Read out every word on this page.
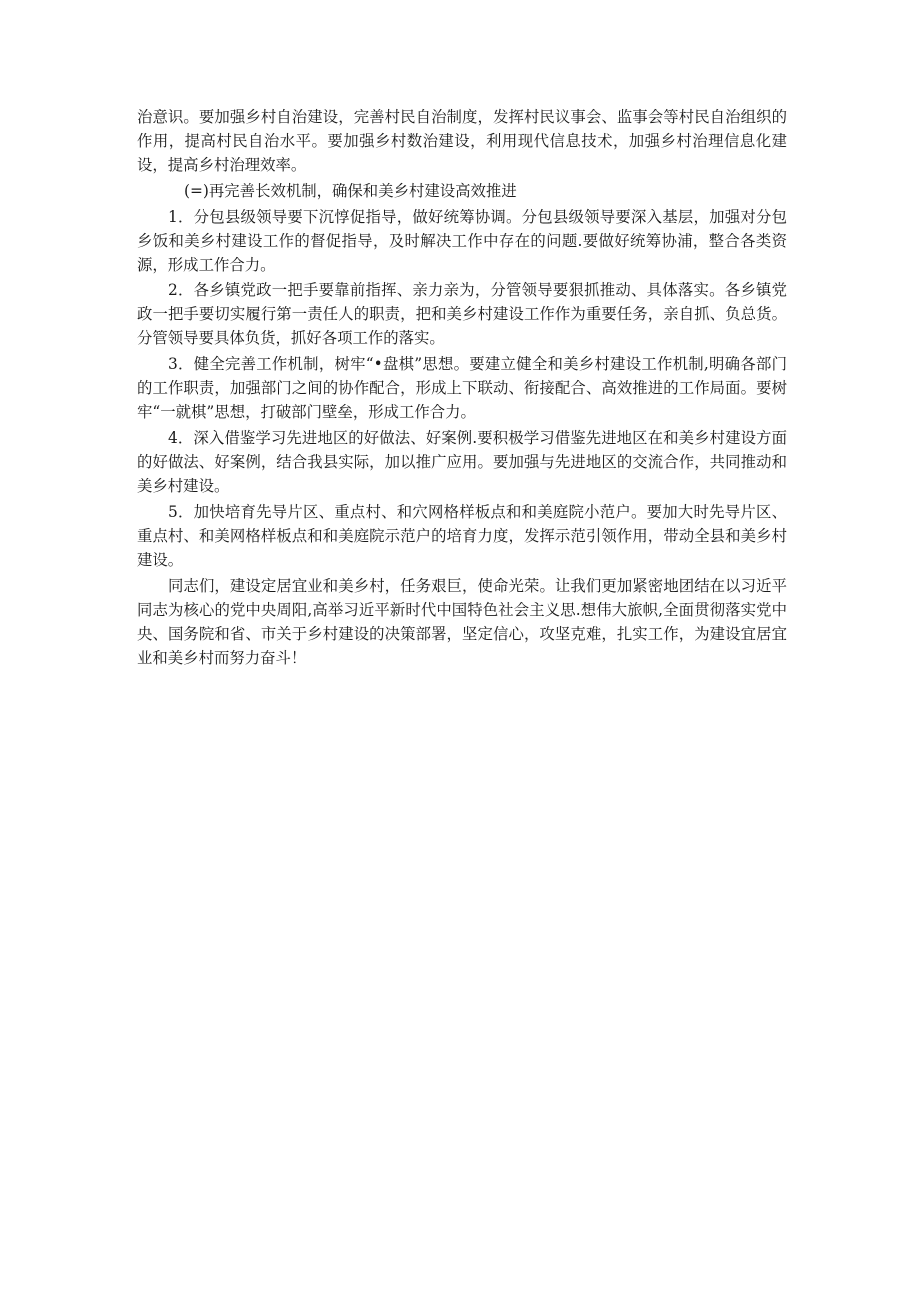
治意识。要加强乡村自治建设，完善村民自治制度，发挥村民议事会、监事会等村民自治组织的作用，提高村民自治水平。要加强乡村数治建设，利用现代信息技术，加强乡村治理信息化建设，提高乡村治理效率。

(=)再完善长效机制，确保和美乡村建设高效推进

1．分包县级领导要下沉惇促指导，做好统筹协调。分包县级领导要深入基层，加强对分包乡饭和美乡村建设工作的督促指导，及时解决工作中存在的问题.要做好统筹协浦，整合各类资源，形成工作合力。

2．各乡镇党政一把手要靠前指挥、亲力亲为，分管领导要狠抓推动、具体落实。各乡镇党政一把手要切实履行第一责任人的职责，把和美乡村建设工作作为重要任务，亲自抓、负总货。分管领导要具体负货，抓好各项工作的落实。

3．健全完善工作机制，树牢“•盘棋”思想。要建立健全和美乡村建设工作机制,明确各部门的工作职责，加强部门之间的协作配合，形成上下联动、衔接配合、高效推进的工作局面。要树牢“一就棋”思想，打破部门壁垒，形成工作合力。

4．深入借鉴学习先进地区的好做法、好案例.要积极学习借鉴先进地区在和美乡村建设方面的好做法、好案例，结合我县实际，加以推广应用。要加强与先进地区的交流合作，共同推动和美乡村建设。

5．加快培育先导片区、重点村、和穴网格样板点和和美庭院小范户。要加大时先导片区、重点村、和美网格样板点和和美庭院示范户的培育力度，发挥示范引领作用，带动全县和美乡村建设。

同志们，建设定居宜业和美乡村，任务艰巨，使命光荣。让我们更加紧密地团结在以习近平同志为核心的党中央周阳,高举习近平新时代中国特色社会主义思.想伟大旅帜,全面贯彻落实党中央、国务院和省、市关于乡村建设的决策部署，坚定信心，攻坚克难，扎实工作，为建设宜居宜业和美乡村而努力奋斗！
